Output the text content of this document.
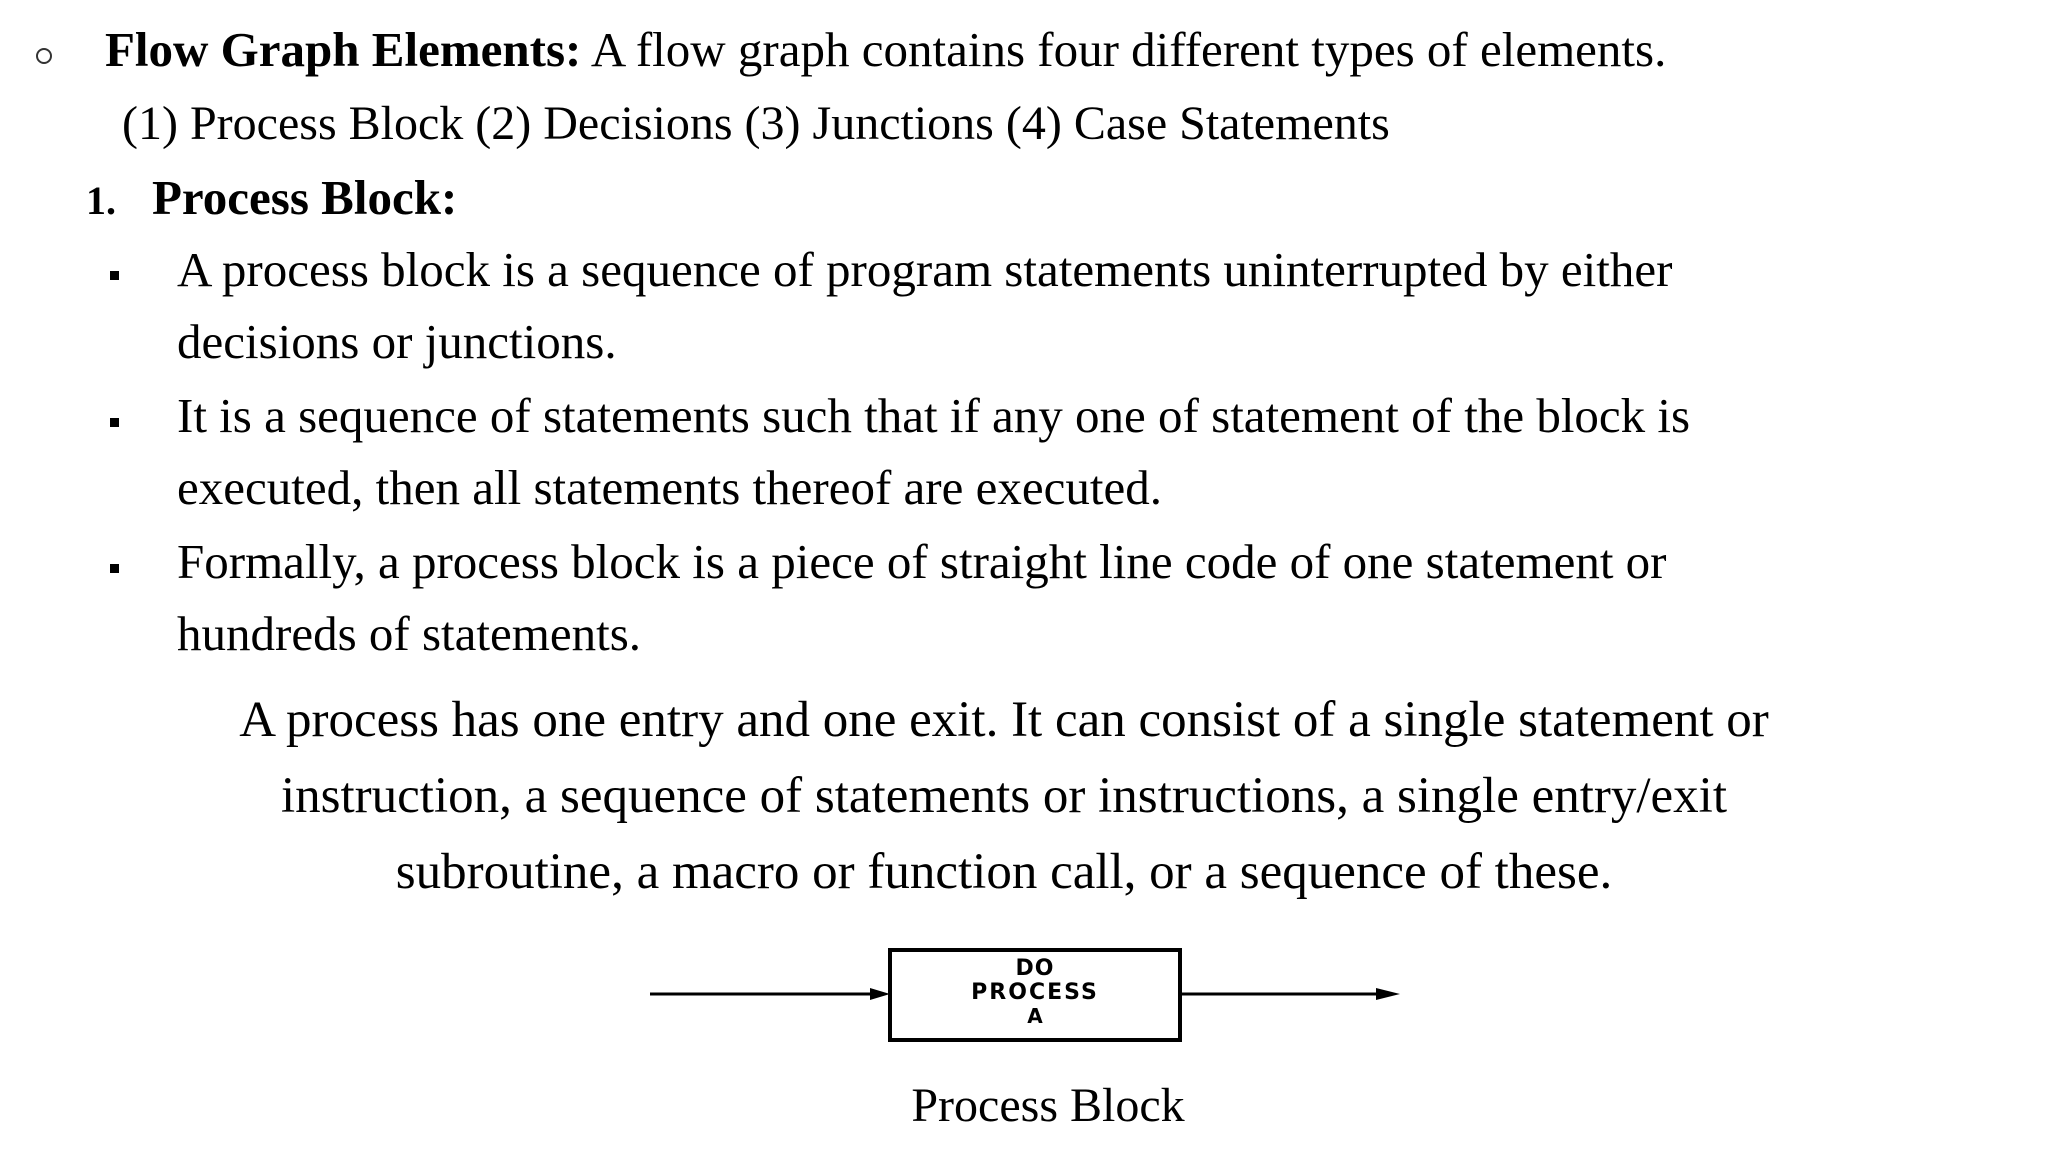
Flow Graph Elements: A flow graph contains four different types of elements.
(1) Process Block (2) Decisions (3) Junctions (4) Case Statements
1. Process Block:
A process block is a sequence of program statements uninterrupted by either
decisions or junctions.
It is a sequence of statements such that if any one of statement of the block is
executed, then all statements thereof are executed.
Formally, a process block is a piece of straight line code of one statement or
hundreds of statements.
A process has one entry and one exit. It can consist of a single statement or
instruction, a sequence of statements or instructions, a single entry/exit
subroutine, a macro or function call, or a sequence of these.
DO
PROCESS
A
Process Block
